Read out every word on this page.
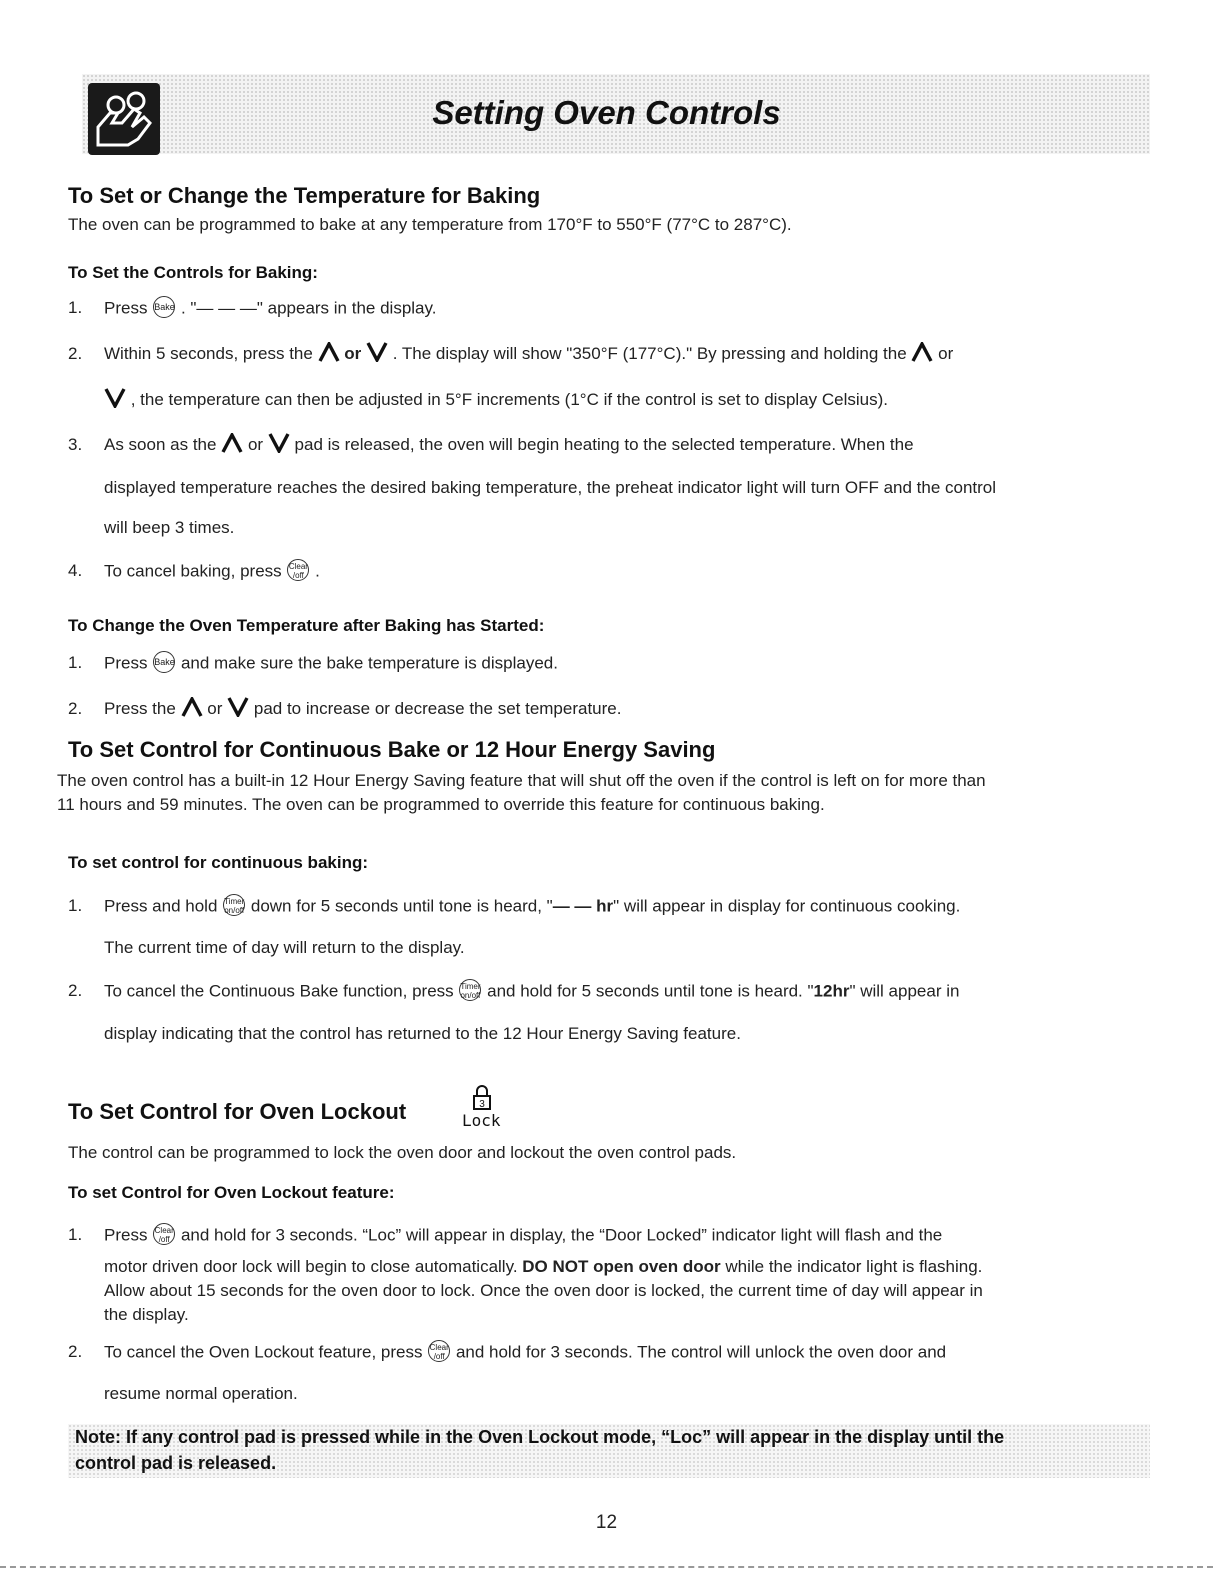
Setting Oven Controls
To Set or Change the Temperature for Baking
The oven can be programmed to bake at any temperature from 170°F to 550°F (77°C to 287°C).
To Set the Controls for Baking:
1. Press Bake . "— — —" appears in the display.
2. Within 5 seconds, press the or . The display will show "350°F (177°C)." By pressing and holding the or
, the temperature can then be adjusted in 5°F increments (1°C if the control is set to display Celsius).
3. As soon as the or pad is released, the oven will begin heating to the selected temperature. When the
displayed temperature reaches the desired baking temperature, the preheat indicator light will turn OFF and the control
will beep 3 times.
4. To cancel baking, press Clear
/off .
To Change the Oven Temperature after Baking has Started:
1. Press Bake and make sure the bake temperature is displayed.
2. Press the or pad to increase or decrease the set temperature.
To Set Control for Continuous Bake or 12 Hour Energy Saving
The oven control has a built-in 12 Hour Energy Saving feature that will shut off the oven if the control is left on for more than
11 hours and 59 minutes. The oven can be programmed to override this feature for continuous baking.
To set control for continuous baking:
1. Press and hold Timer
on/off down for 5 seconds until tone is heard, "— — hr" will appear in display for continuous cooking.
The current time of day will return to the display.
2. To cancel the Continuous Bake function, press Timer
on/off and hold for 5 seconds until tone is heard. "12hr" will appear in
display indicating that the control has returned to the 12 Hour Energy Saving feature.
To Set Control for Oven Lockout	3
Lock
The control can be programmed to lock the oven door and lockout the oven control pads.
To set Control for Oven Lockout feature:
1. Press Clear
/off and hold for 3 seconds. “Loc” will appear in display, the “Door Locked” indicator light will flash and the
motor driven door lock will begin to close automatically. DO NOT open oven door while the indicator light is flashing.
Allow about 15 seconds for the oven door to lock. Once the oven door is locked, the current time of day will appear in
the display.
2. To cancel the Oven Lockout feature, press Clear
/off and hold for 3 seconds. The control will unlock the oven door and
resume normal operation.
Note: If any control pad is pressed while in the Oven Lockout mode, “Loc” will appear in the display until the
control pad is released.
12
